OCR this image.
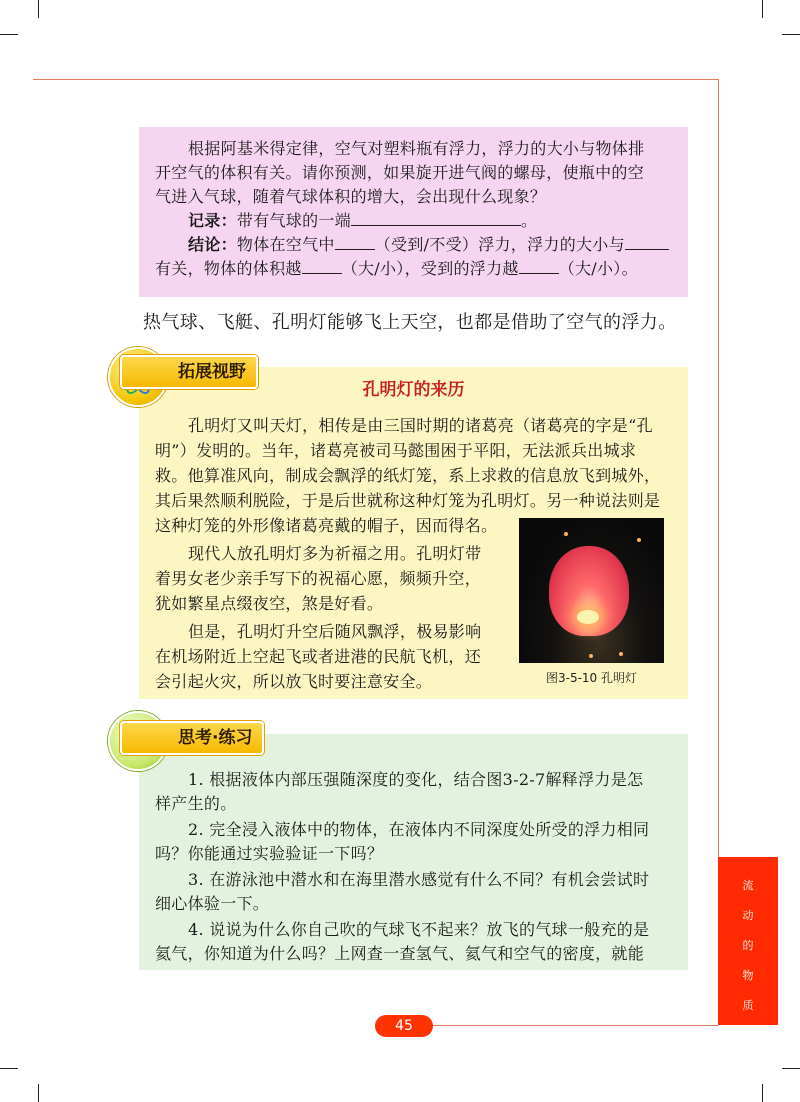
根据阿基米得定律，空气对塑料瓶有浮力，浮力的大小与物体排

开空气的体积有关。请你预测，如果旋开进气阀的螺母，使瓶中的空

气进入气球，随着气球体积的增大，会出现什么现象？

记录：带有气球的一端	。

结论：物体在空气中	（受到/不受）浮力，浮力的大小与

有关，物体的体积越	（大/小），受到的浮力越	（大/小）。

热气球、飞艇、孔明灯能够飞上天空，也都是借助了空气的浮力。
孔明灯的来历

孔明灯又叫天灯，相传是由三国时期的诸葛亮（诸葛亮的字是“孔

明”）发明的。当年，诸葛亮被司马懿围困于平阳，无法派兵出城求

救。他算准风向，制成会飘浮的纸灯笼，系上求救的信息放飞到城外，

其后果然顺利脱险，于是后世就称这种灯笼为孔明灯。另一种说法则是

这种灯笼的外形像诸葛亮戴的帽子，因而得名。

现代人放孔明灯多为祈福之用。孔明灯带

着男女老少亲手写下的祝福心愿，频频升空，

犹如繁星点缀夜空，煞是好看。

但是，孔明灯升空后随风飘浮，极易影响

在机场附近上空起飞或者进港的民航飞机，还

会引起火灾，所以放飞时要注意安全。

拓展视野
图3-5-10 孔明灯

1. 根据液体内部压强随深度的变化，结合图3-2-7解释浮力是怎

样产生的。

2. 完全浸入液体中的物体，在液体内不同深度处所受的浮力相同

吗？你能通过实验验证一下吗？

3. 在游泳池中潜水和在海里潜水感觉有什么不同？有机会尝试时

细心体验一下。

4. 说说为什么你自己吹的气球飞不起来？放飞的气球一般充的是

氦气，你知道为什么吗？上网查一查氢气、氦气和空气的密度，就能

思考·练习
流
动
的
物
质
45
